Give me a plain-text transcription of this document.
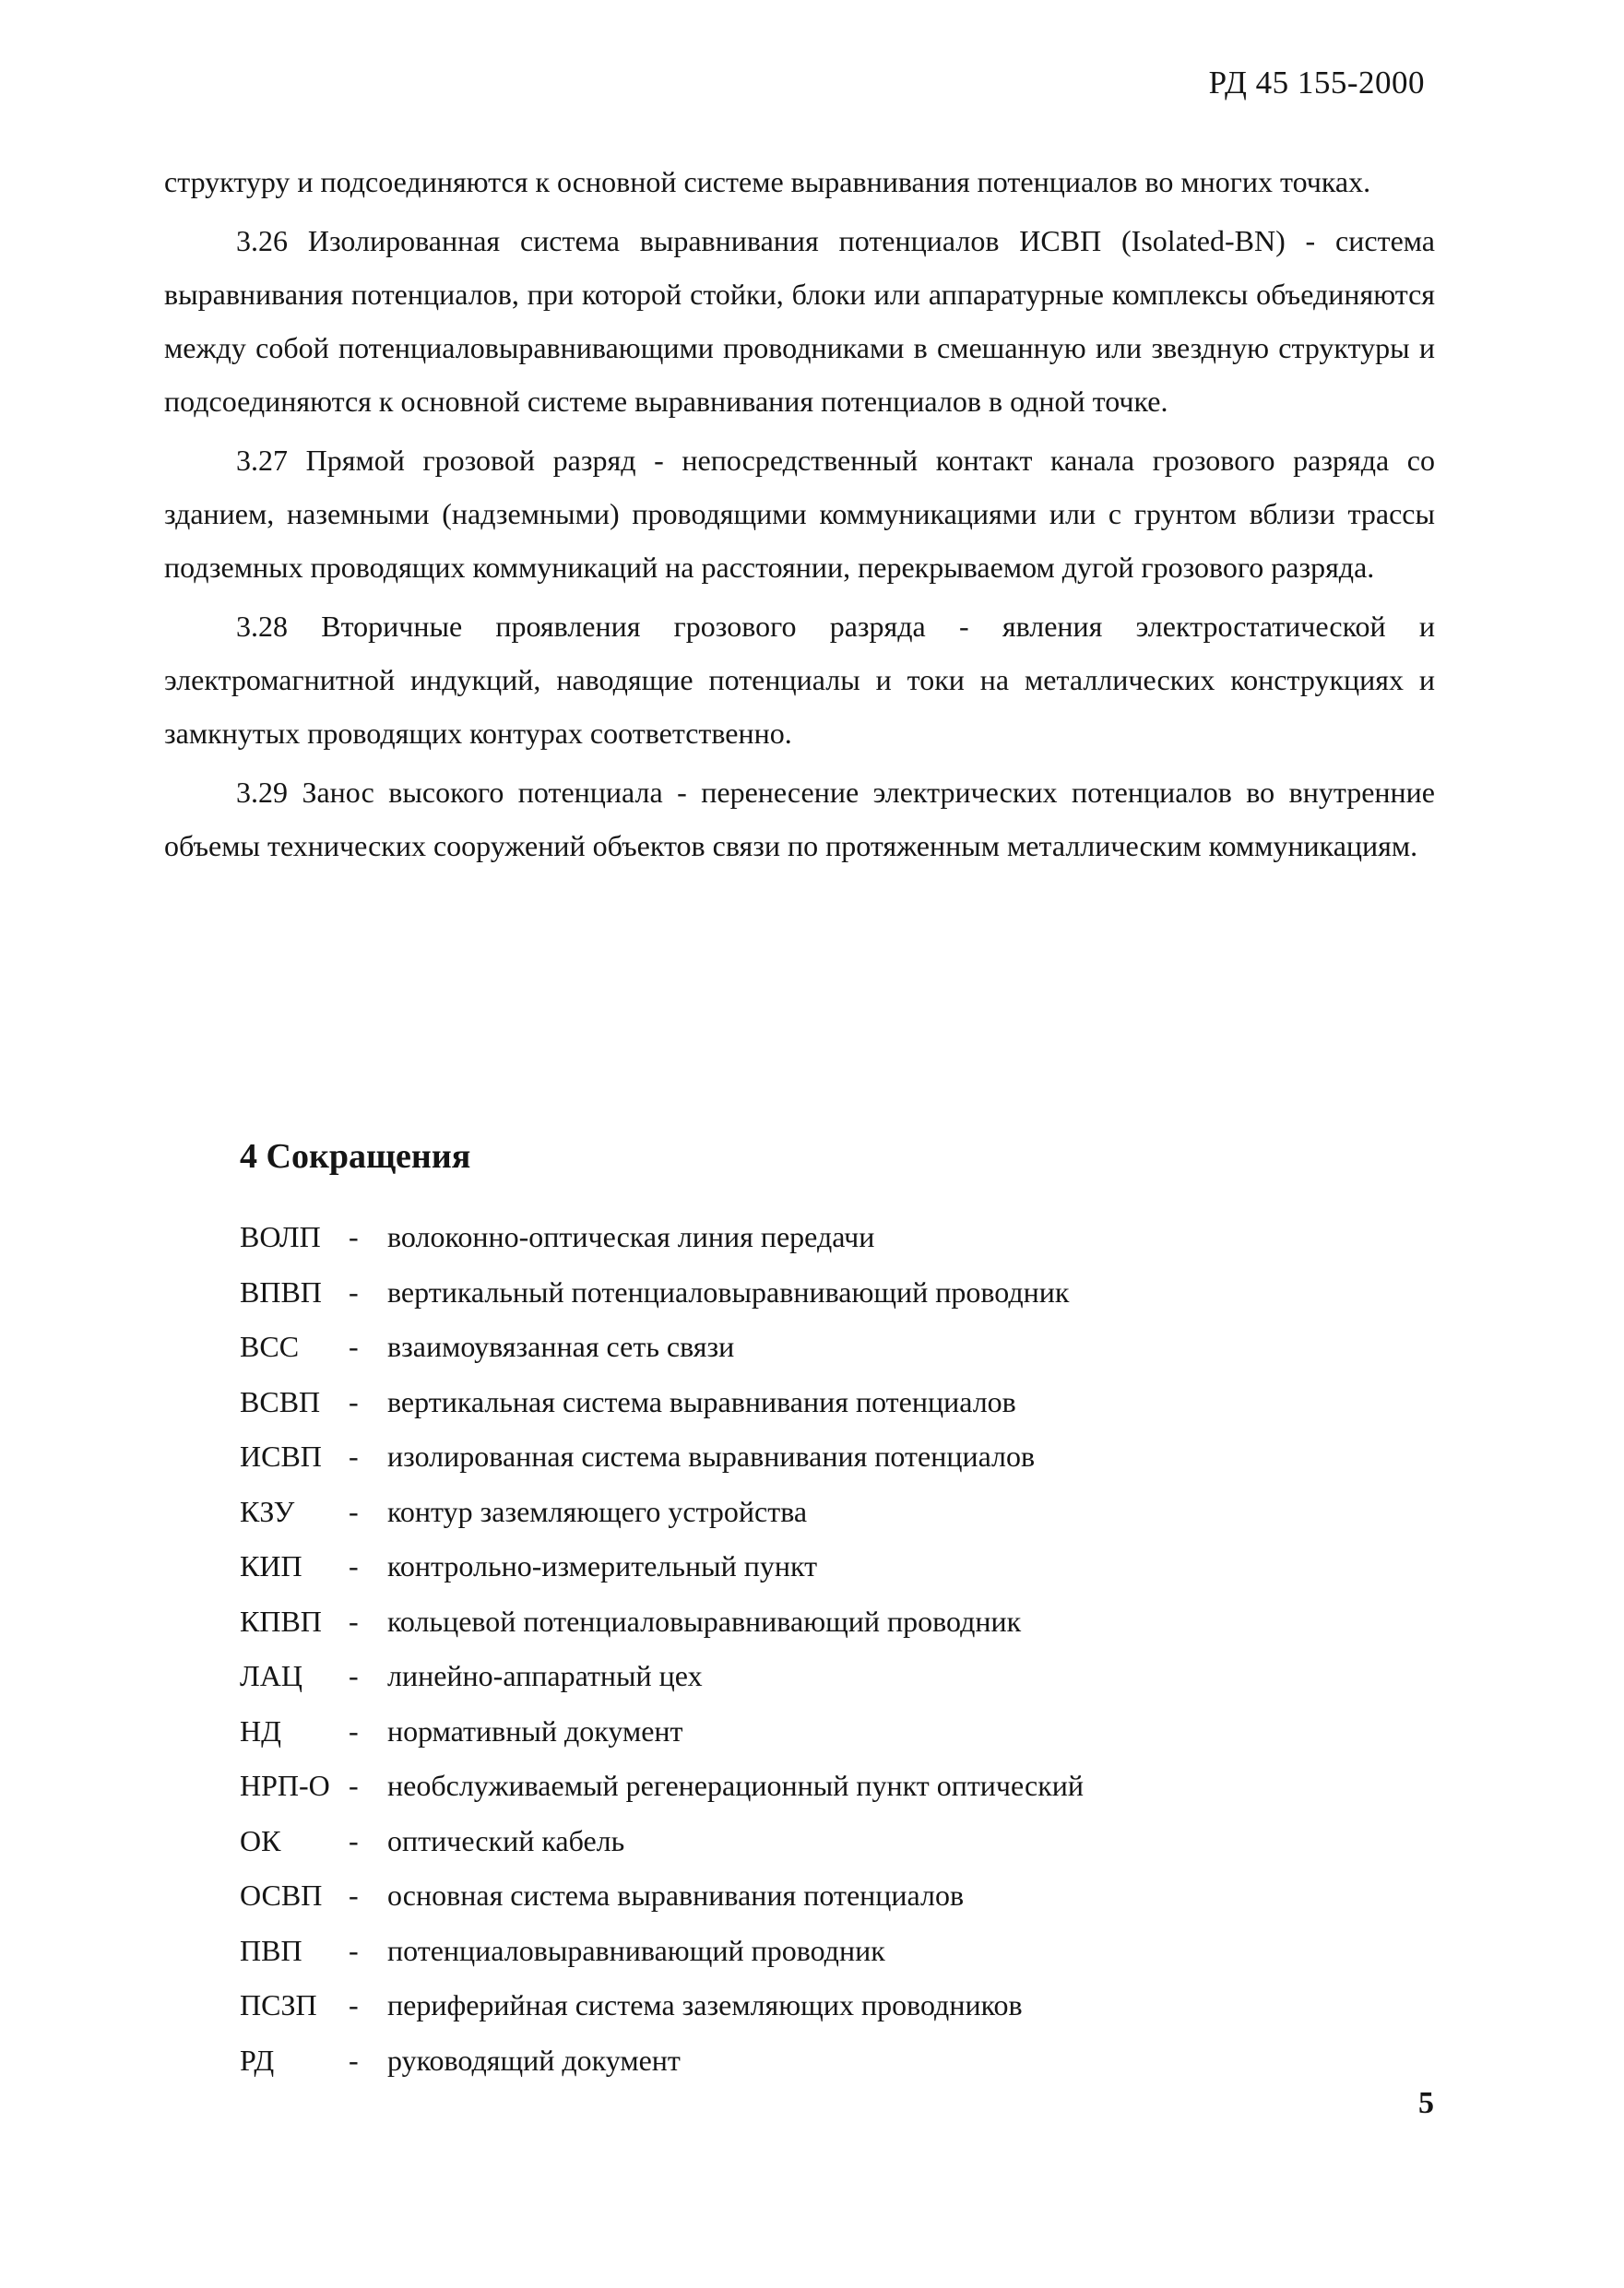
РД 45 155-2000

структуру и подсоединяются к основной системе выравнивания потенциалов во многих точках.

3.26 Изолированная система выравнивания потенциалов ИСВП (Isolated-BN) - система выравнивания потенциалов, при которой стойки, блоки или аппаратурные комплексы объединяются между собой потенциаловыравнивающими проводниками в смешанную или звездную структуры и подсоединяются к основной системе выравнивания потенциалов в одной точке.

3.27 Прямой грозовой разряд - непосредственный контакт канала грозового разряда со зданием, наземными (надземными) проводящими коммуникациями или с грунтом вблизи трассы подземных проводящих коммуникаций на расстоянии, перекрываемом дугой грозового разряда.

3.28 Вторичные проявления грозового разряда - явления электростатической и электромагнитной индукций, наводящие потенциалы и токи на металлических конструкциях и замкнутых проводящих контурах соответственно.

3.29 Занос высокого потенциала - перенесение электрических потенциалов во внутренние объемы технических сооружений объектов связи по протяженным металлическим коммуникациям.

4 Сокращения
ВОЛП - волоконно-оптическая линия передачи
ВПВП - вертикальный потенциаловыравнивающий проводник
ВСС - взаимоувязанная сеть связи
ВСВП - вертикальная система выравнивания потенциалов
ИСВП - изолированная система выравнивания потенциалов
КЗУ - контур заземляющего устройства
КИП - контрольно-измерительный пункт
КПВП - кольцевой потенциаловыравнивающий проводник
ЛАЦ - линейно-аппаратный цех
НД - нормативный документ
НРП-О - необслуживаемый регенерационный пункт оптический
ОК - оптический кабель
ОСВП - основная система выравнивания потенциалов
ПВП - потенциаловыравнивающий проводник
ПСЗП - периферийная система заземляющих проводников
РД	- руководящий документ
5
